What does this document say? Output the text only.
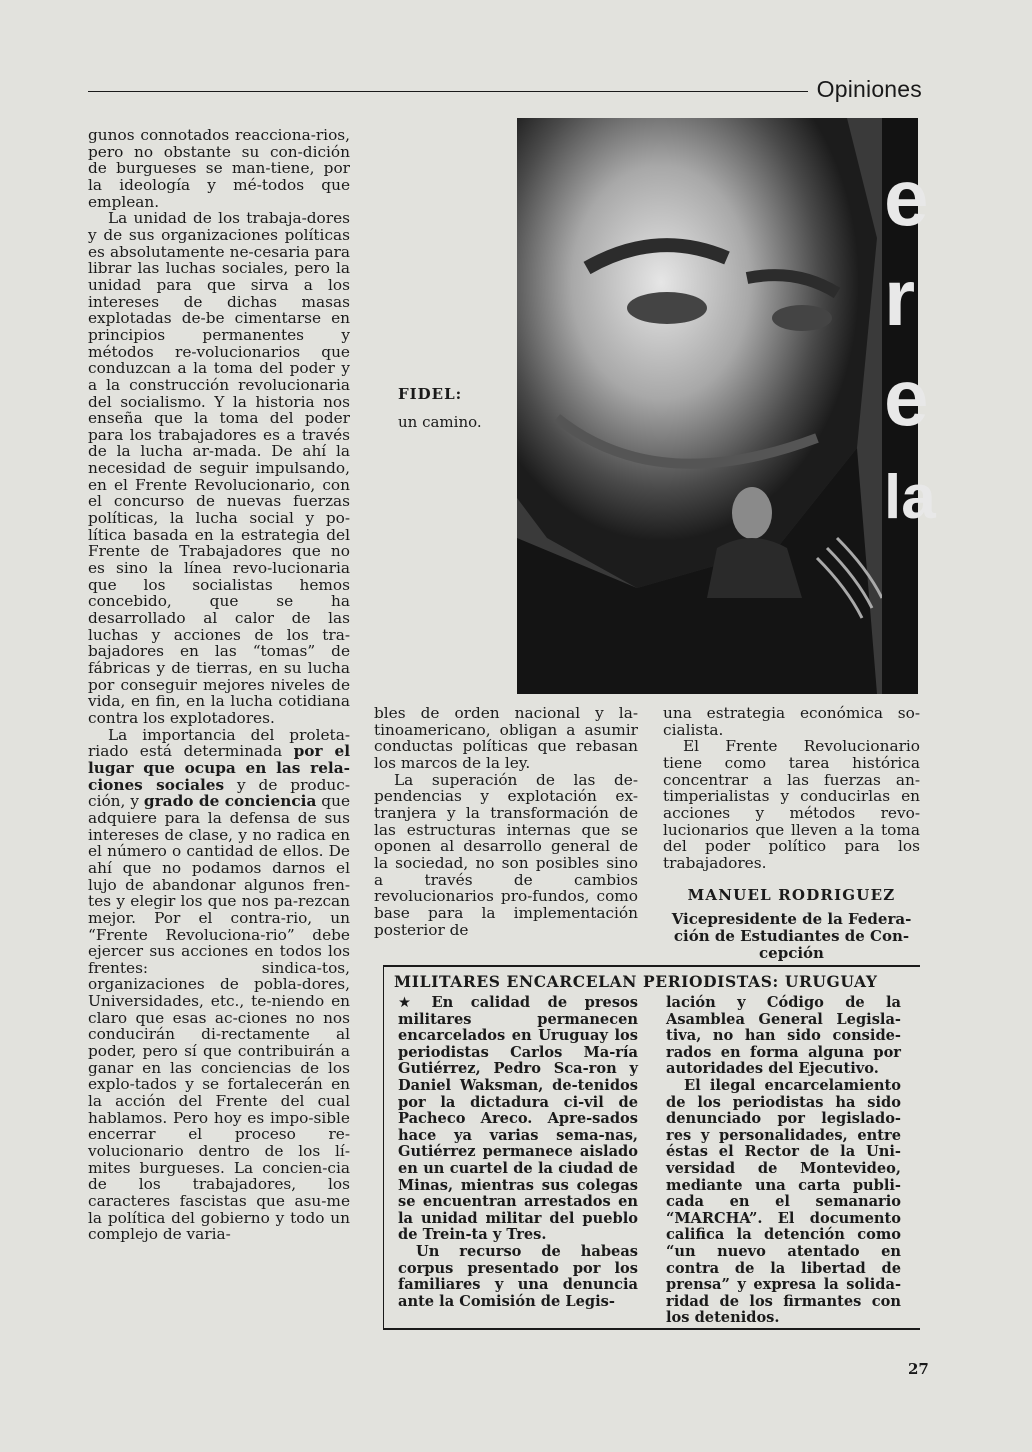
Opiniones

gunos connotados reacciona-rios, pero no obstante su con-dición de burgueses se man-tiene, por la ideología y mé-todos que emplean.

La unidad de los trabaja-dores y de sus organizaciones políticas es absolutamente ne-cesaria para librar las luchas sociales, pero la unidad para que sirva a los intereses de dichas masas explotadas de-be cimentarse en principios permanentes y métodos re-volucionarios que conduzcan a la toma del poder y a la construcción revolucionaria del socialismo. Y la historia nos enseña que la toma del poder para los trabajadores es a través de la lucha ar-mada. De ahí la necesidad de seguir impulsando, en el Frente Revolucionario, con el concurso de nuevas fuerzas políticas, la lucha social y po-lítica basada en la estrategia del Frente de Trabajadores que no es sino la línea revo-lucionaria que los socialistas hemos concebido, que se ha desarrollado al calor de las luchas y acciones de los tra-bajadores en las “tomas” de fábricas y de tierras, en su lucha por conseguir mejores niveles de vida, en fin, en la lucha cotidiana contra los explotadores.

La importancia del proleta-riado está determinada por el lugar que ocupa en las rela-ciones sociales y de produc-ción, y grado de conciencia que adquiere para la defensa de sus intereses de clase, y no radica en el número o cantidad de ellos. De ahí que no podamos darnos el lujo de abandonar algunos fren-tes y elegir los que nos pa-rezcan mejor. Por el contra-rio, un “Frente Revoluciona-rio” debe ejercer sus acciones en todos los frentes: sindica-tos, organizaciones de pobla-dores, Universidades, etc., te-niendo en claro que esas ac-ciones no nos conducirán di-rectamente al poder, pero sí que contribuirán a ganar en las conciencias de los explo-tados y se fortalecerán en la acción del Frente del cual hablamos. Pero hoy es impo-sible encerrar el proceso re-volucionario dentro de los lí-mites burgueses. La concien-cia de los trabajadores, los caracteres fascistas que asu-me la política del gobierno y todo un complejo de varia-

FIDEL:
un camino.
e
r
e
la

bles de orden nacional y la-tinoamericano, obligan a asumir conductas políticas que rebasan los marcos de la ley.

La superación de las de-pendencias y explotación ex-tranjera y la transformación de las estructuras internas que se oponen al desarrollo general de la sociedad, no son posibles sino a través de cambios revolucionarios pro-fundos, como base para la implementación posterior de

una estrategia económica so-cialista.

El Frente Revolucionario tiene como tarea histórica concentrar a las fuerzas an-timperialistas y conducirlas en acciones y métodos revo-lucionarios que lleven a la toma del poder político para los trabajadores.

MANUEL RODRIGUEZ
Vicepresidente de la Federa-ción de Estudiantes de Con-cepción
MILITARES ENCARCELAN PERIODISTAS: URUGUAY

★ En calidad de presos militares permanecen encarcelados en Uruguay los periodistas Carlos Ma-ría Gutiérrez, Pedro Sca-ron y Daniel Waksman, de-tenidos por la dictadura ci-vil de Pacheco Areco. Apre-sados hace ya varias sema-nas, Gutiérrez permanece aislado en un cuartel de la ciudad de Minas, mientras sus colegas se encuentran arrestados en la unidad militar del pueblo de Trein-ta y Tres.

Un recurso de habeas corpus presentado por los familiares y una denuncia ante la Comisión de Legis-

lación y Código de la Asamblea General Legisla-tiva, no han sido conside-rados en forma alguna por autoridades del Ejecutivo.

El ilegal encarcelamiento de los periodistas ha sido denunciado por legislado-res y personalidades, entre éstas el Rector de la Uni-versidad de Montevideo, mediante una carta publi-cada en el semanario “MARCHA”. El documento califica la detención como “un nuevo atentado en contra de la libertad de prensa” y expresa la solida-ridad de los firmantes con los detenidos.

27
